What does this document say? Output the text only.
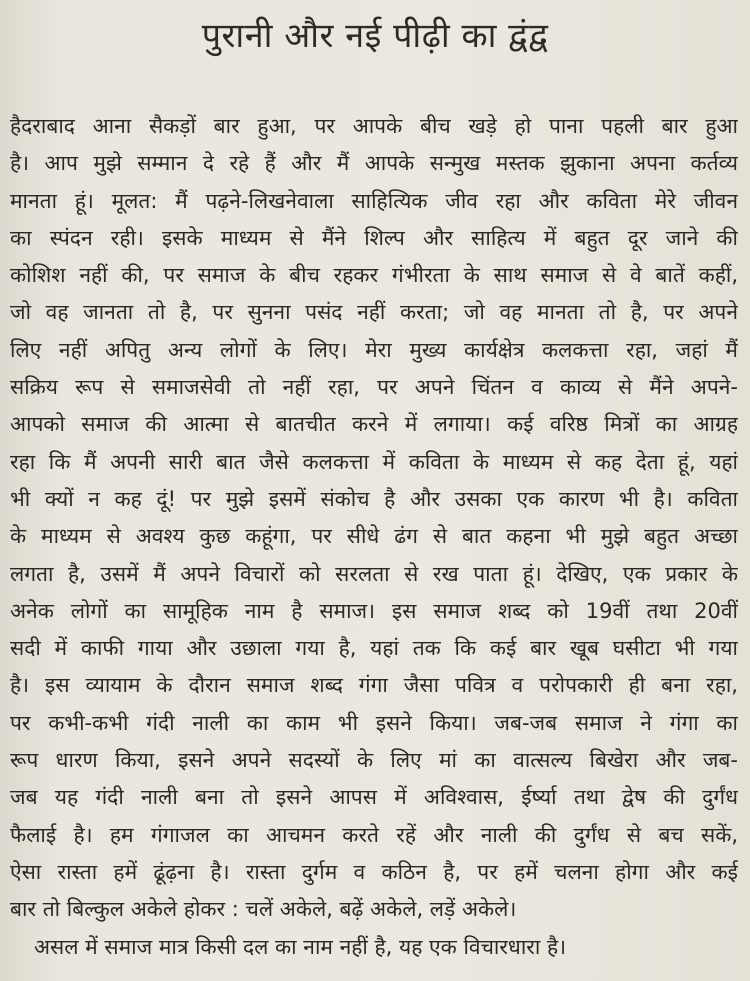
पुरानी और नई पीढ़ी का द्वंद्व
हैदराबाद आना सैकड़ों बार हुआ, पर आपके बीच खड़े हो पाना पहली बार हुआ
है। आप मुझे सम्मान दे रहे हैं और मैं आपके सन्मुख मस्तक झुकाना अपना कर्तव्य
मानता हूं। मूलत: मैं पढ़ने-लिखनेवाला साहित्यिक जीव रहा और कविता मेरे जीवन
का स्पंदन रही। इसके माध्यम से मैंने शिल्प और साहित्य में बहुत दूर जाने की
कोशिश नहीं की, पर समाज के बीच रहकर गंभीरता के साथ समाज से वे बातें कहीं,
जो वह जानता तो है, पर सुनना पसंद नहीं करता; जो वह मानता तो है, पर अपने
लिए नहीं अपितु अन्य लोगों के लिए। मेरा मुख्य कार्यक्षेत्र कलकत्ता रहा, जहां मैं
सक्रिय रूप से समाजसेवी तो नहीं रहा, पर अपने चिंतन व काव्य से मैंने अपने-
आपको समाज की आत्मा से बातचीत करने में लगाया। कई वरिष्ठ मित्रों का आग्रह
रहा कि मैं अपनी सारी बात जैसे कलकत्ता में कविता के माध्यम से कह देता हूं, यहां
भी क्यों न कह दूं! पर मुझे इसमें संकोच है और उसका एक कारण भी है। कविता
के माध्यम से अवश्य कुछ कहूंगा, पर सीधे ढंग से बात कहना भी मुझे बहुत अच्छा
लगता है, उसमें मैं अपने विचारों को सरलता से रख पाता हूं। देखिए, एक प्रकार के
अनेक लोगों का सामूहिक नाम है समाज। इस समाज शब्द को 19वीं तथा 20वीं
सदी में काफी गाया और उछाला गया है, यहां तक कि कई बार खूब घसीटा भी गया
है। इस व्यायाम के दौरान समाज शब्द गंगा जैसा पवित्र व परोपकारी ही बना रहा,
पर कभी-कभी गंदी नाली का काम भी इसने किया। जब-जब समाज ने गंगा का
रूप धारण किया, इसने अपने सदस्यों के लिए मां का वात्सल्य बिखेरा और जब-
जब यह गंदी नाली बना तो इसने आपस में अविश्वास, ईर्ष्या तथा द्वेष की दुर्गंध
फैलाई है। हम गंगाजल का आचमन करते रहें और नाली की दुर्गंध से बच सकें,
ऐसा रास्ता हमें ढूंढ़ना है। रास्ता दुर्गम व कठिन है, पर हमें चलना होगा और कई
बार तो बिल्कुल अकेले होकर : चलें अकेले, बढ़ें अकेले, लड़ें अकेले।
असल में समाज मात्र किसी दल का नाम नहीं है, यह एक विचारधारा है।
